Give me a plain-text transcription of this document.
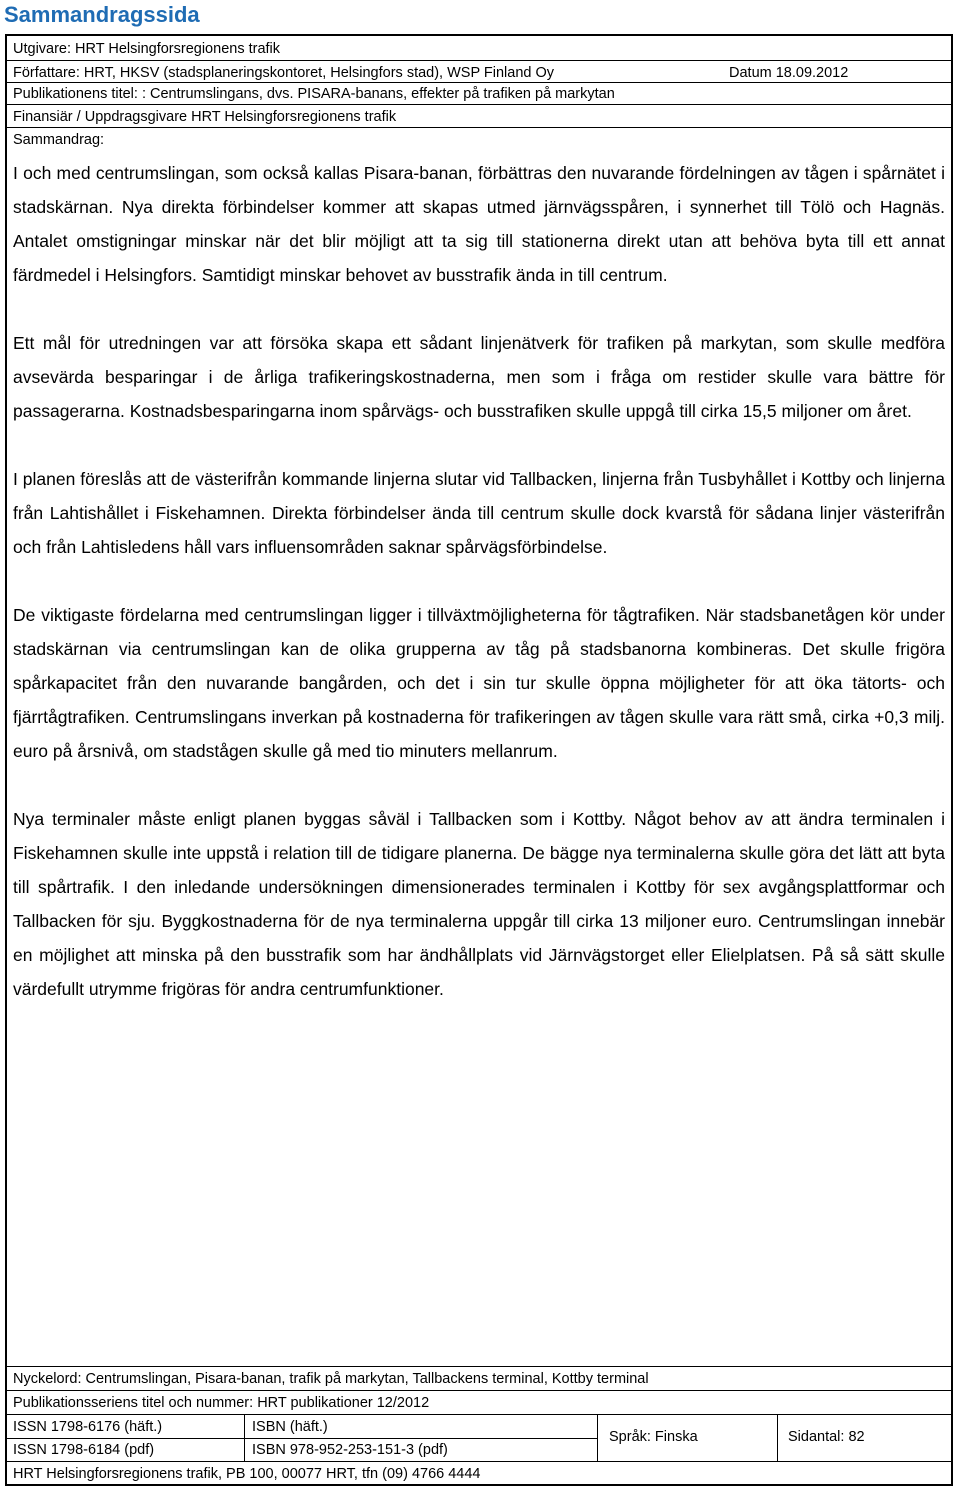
Sammandragssida
Utgivare: HRT Helsingforsregionens trafik
Författare: HRT, HKSV (stadsplaneringskontoret, Helsingfors stad), WSP Finland Oy	Datum 18.09.2012
Publikationens titel: : Centrumslingans, dvs. PISARA-banans, effekter på trafiken på markytan
Finansiär / Uppdragsgivare HRT Helsingforsregionens trafik
Sammandrag:

I och med centrumslingan, som också kallas Pisara-banan, förbättras den nuvarande fördelningen av tågen i spårnätet i stadskärnan. Nya direkta förbindelser kommer att skapas utmed järnvägsspåren, i synnerhet till Tölö och Hagnäs. Antalet omstigningar minskar när det blir möjligt att ta sig till stationerna direkt utan att behöva byta till ett annat färdmedel i Helsingfors. Samtidigt minskar behovet av busstrafik ända in till centrum.

Ett mål för utredningen var att försöka skapa ett sådant linjenätverk för trafiken på markytan, som skulle medföra avsevärda besparingar i de årliga trafikeringskostnaderna, men som i fråga om restider skulle vara bättre för passagerarna. Kostnadsbesparingarna inom spårvägs- och busstrafiken skulle uppgå till cirka 15,5 miljoner om året.

I planen föreslås att de västerifrån kommande linjerna slutar vid Tallbacken, linjerna från Tusbyhållet i Kottby och linjerna från Lahtishållet i Fiskehamnen. Direkta förbindelser ända till centrum skulle dock kvarstå för sådana linjer västerifrån och från Lahtisledens håll vars influensområden saknar spårvägsförbindelse.

De viktigaste fördelarna med centrumslingan ligger i tillväxtmöjligheterna för tågtrafiken. När stadsbanetågen kör under stadskärnan via centrumslingan kan de olika grupperna av tåg på stadsbanorna kombineras. Det skulle frigöra spårkapacitet från den nuvarande bangården, och det i sin tur skulle öppna möjligheter för att öka tätorts- och fjärrtågtrafiken. Centrumslingans inverkan på kostnaderna för trafikeringen av tågen skulle vara rätt små, cirka +0,3 milj. euro på årsnivå, om stadstågen skulle gå med tio minuters mellanrum.

Nya terminaler måste enligt planen byggas såväl i Tallbacken som i Kottby. Något behov av att ändra terminalen i Fiskehamnen skulle inte uppstå i relation till de tidigare planerna. De bägge nya terminalerna skulle göra det lätt att byta till spårtrafik. I den inledande undersökningen dimensionerades terminalen i Kottby för sex avgångsplattformar och Tallbacken för sju. Byggkostnaderna för de nya terminalerna uppgår till cirka 13 miljoner euro. Centrumslingan innebär en möjlighet att minska på den busstrafik som har ändhållplats vid Järnvägstorget eller Elielplatsen. På så sätt skulle värdefullt utrymme frigöras för andra centrumfunktioner.

Nyckelord: Centrumslingan, Pisara-banan, trafik på markytan, Tallbackens terminal, Kottby terminal
Publikationsseriens titel och nummer: HRT publikationer 12/2012
ISSN 1798-6176 (häft.)	ISBN (häft.)
ISSN 1798-6184 (pdf)	ISBN 978-952-253-151-3 (pdf)
Språk: Finska	Sidantal: 82
HRT Helsingforsregionens trafik, PB 100, 00077 HRT, tfn (09) 4766 4444
